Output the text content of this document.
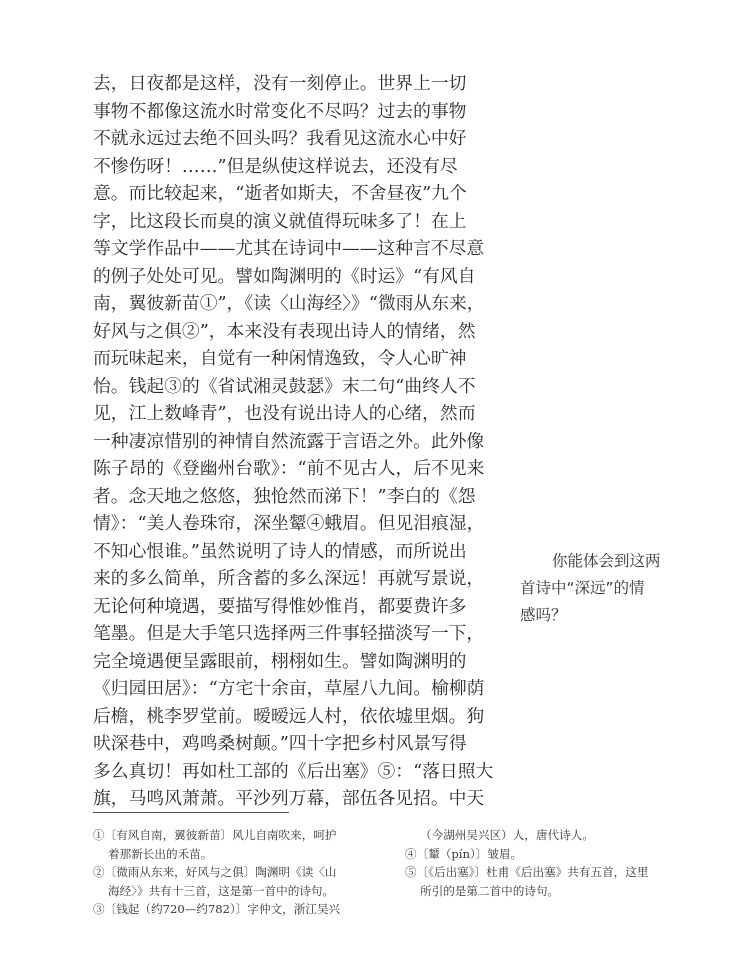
去，日夜都是这样，没有一刻停止。世界上一切
事物不都像这流水时常变化不尽吗？过去的事物
不就永远过去绝不回头吗？我看见这流水心中好
不惨伤呀！……”但是纵使这样说去，还没有尽
意。而比较起来，“逝者如斯夫，不舍昼夜”九个
字，比这段长而臭的演义就值得玩味多了！在上
等文学作品中——尤其在诗词中——这种言不尽意
的例子处处可见。譬如陶渊明的《时运》“有风自
南，翼彼新苗①”，《读〈山海经〉》“微雨从东来，
好风与之俱②”，本来没有表现出诗人的情绪，然
而玩味起来，自觉有一种闲情逸致，令人心旷神
怡。钱起③的《省试湘灵鼓瑟》末二句“曲终人不
见，江上数峰青”，也没有说出诗人的心绪，然而
一种凄凉惜别的神情自然流露于言语之外。此外像
陈子昂的《登幽州台歌》：“前不见古人，后不见来
者。念天地之悠悠，独怆然而涕下！”李白的《怨
情》：“美人卷珠帘，深坐颦④蛾眉。但见泪痕湿，
不知心恨谁。”虽然说明了诗人的情感，而所说出
来的多么简单，所含蓄的多么深远！再就写景说，
无论何种境遇，要描写得惟妙惟肖，都要费许多
笔墨。但是大手笔只选择两三件事轻描淡写一下，
完全境遇便呈露眼前，栩栩如生。譬如陶渊明的
《归园田居》：“方宅十余亩，草屋八九间。榆柳荫
后檐，桃李罗堂前。暧暧远人村，依依墟里烟。狗
吠深巷中，鸡鸣桑树颠。”四十字把乡村风景写得
多么真切！再如杜工部的《后出塞》⑤：“落日照大
旗，马鸣风萧萧。平沙列万幕，部伍各见招。中天
你能体会到这两
首诗中“深远”的情
感吗？
①〔有风自南，翼彼新苗〕风儿自南吹来，呵护
着那新长出的禾苗。
②〔微雨从东来，好风与之俱〕陶渊明《读〈山
海经〉》共有十三首，这是第一首中的诗句。
③〔钱起（约720—约782）〕字仲文，浙江吴兴
（今湖州吴兴区）人，唐代诗人。
④〔颦（pín）〕皱眉。
⑤〔《后出塞》〕杜甫《后出塞》共有五首，这里
所引的是第二首中的诗句。
